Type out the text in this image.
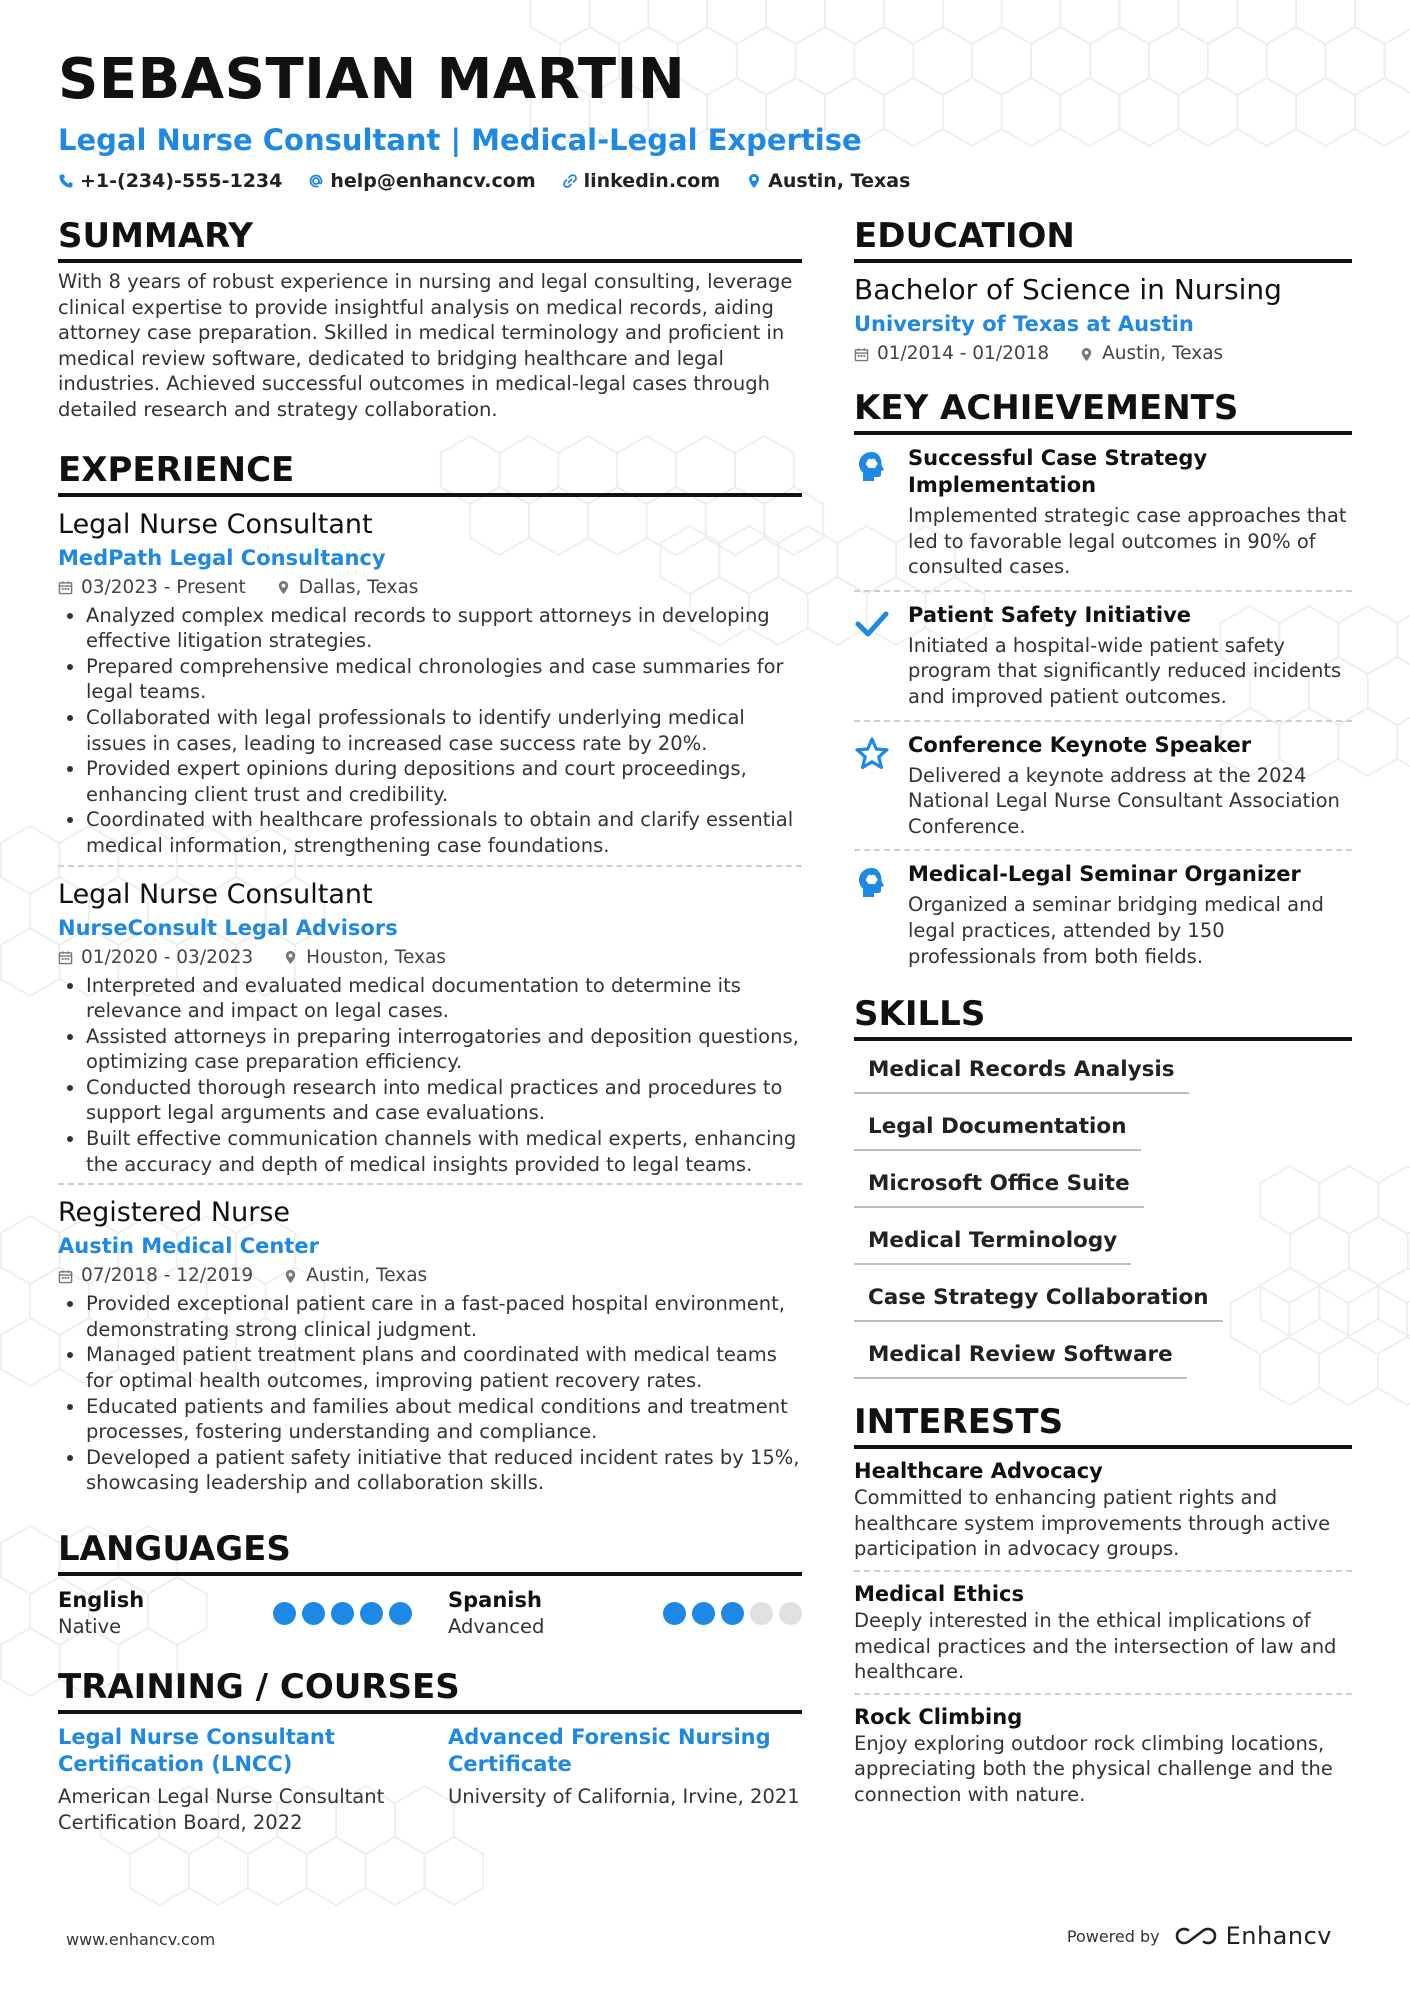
SEBASTIAN MARTIN
Legal Nurse Consultant | Medical-Legal Expertise
+1-(234)-555-1234	help@enhancv.com	linkedin.com	Austin, Texas
SUMMARY
With 8 years of robust experience in nursing and legal consulting, leverage clinical expertise to provide insightful analysis on medical records, aiding attorney case preparation. Skilled in medical terminology and proficient in medical review software, dedicated to bridging healthcare and legal industries. Achieved successful outcomes in medical-legal cases through detailed research and strategy collaboration.
EXPERIENCE
Legal Nurse Consultant
MedPath Legal Consultancy
03/2023 - Present	Dallas, Texas
• Analyzed complex medical records to support attorneys in developing effective litigation strategies.
• Prepared comprehensive medical chronologies and case summaries for legal teams.
• Collaborated with legal professionals to identify underlying medical issues in cases, leading to increased case success rate by 20%.
• Provided expert opinions during depositions and court proceedings, enhancing client trust and credibility.
• Coordinated with healthcare professionals to obtain and clarify essential medical information, strengthening case foundations.
Legal Nurse Consultant
NurseConsult Legal Advisors
01/2020 - 03/2023	Houston, Texas
• Interpreted and evaluated medical documentation to determine its relevance and impact on legal cases.
• Assisted attorneys in preparing interrogatories and deposition questions, optimizing case preparation efficiency.
• Conducted thorough research into medical practices and procedures to support legal arguments and case evaluations.
• Built effective communication channels with medical experts, enhancing the accuracy and depth of medical insights provided to legal teams.
Registered Nurse
Austin Medical Center
07/2018 - 12/2019	Austin, Texas
• Provided exceptional patient care in a fast-paced hospital environment, demonstrating strong clinical judgment.
• Managed patient treatment plans and coordinated with medical teams for optimal health outcomes, improving patient recovery rates.
• Educated patients and families about medical conditions and treatment processes, fostering understanding and compliance.
• Developed a patient safety initiative that reduced incident rates by 15%, showcasing leadership and collaboration skills.
LANGUAGES
English
Native
Spanish
Advanced
TRAINING / COURSES
Legal Nurse Consultant Certification (LNCC)
American Legal Nurse Consultant Certification Board, 2022
Advanced Forensic Nursing Certificate
University of California, Irvine, 2021
EDUCATION
Bachelor of Science in Nursing
University of Texas at Austin
01/2014 - 01/2018	Austin, Texas
KEY ACHIEVEMENTS
Successful Case Strategy Implementation
Implemented strategic case approaches that led to favorable legal outcomes in 90% of consulted cases.
Patient Safety Initiative
Initiated a hospital-wide patient safety program that significantly reduced incidents and improved patient outcomes.
Conference Keynote Speaker
Delivered a keynote address at the 2024 National Legal Nurse Consultant Association Conference.
Medical-Legal Seminar Organizer
Organized a seminar bridging medical and legal practices, attended by 150 professionals from both fields.
SKILLS
Medical Records Analysis
Legal Documentation
Microsoft Office Suite
Medical Terminology
Case Strategy Collaboration
Medical Review Software
INTERESTS
Healthcare Advocacy
Committed to enhancing patient rights and healthcare system improvements through active participation in advocacy groups.
Medical Ethics
Deeply interested in the ethical implications of medical practices and the intersection of law and healthcare.
Rock Climbing
Enjoy exploring outdoor rock climbing locations, appreciating both the physical challenge and the connection with nature.
www.enhancv.com	Powered by	Enhancv
